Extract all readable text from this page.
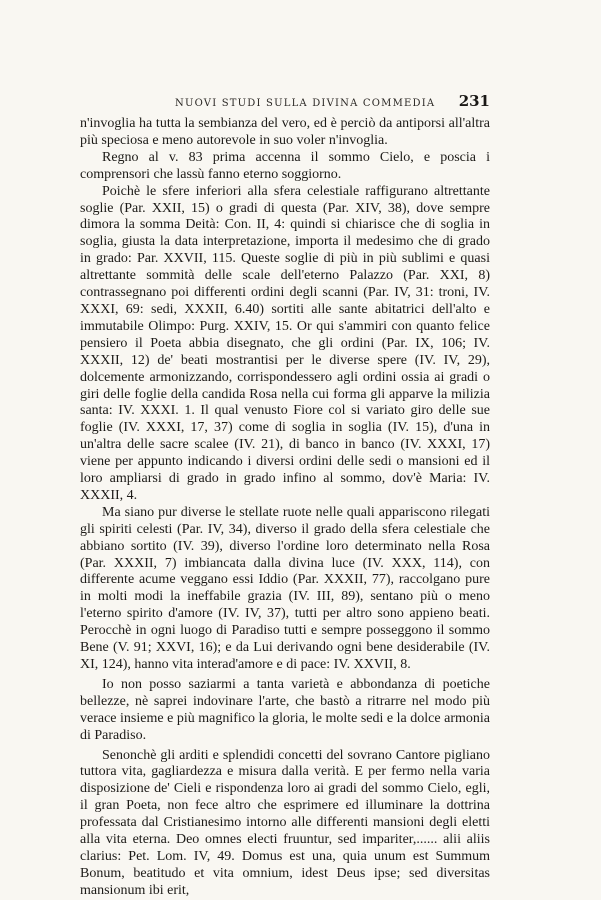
NUOVI STUDI SULLA DIVINA COMMEDIA 231

n'invoglia ha tutta la sembianza del vero, ed è perciò da antiporsi all'altra più speciosa e meno autorevole in suo voler n'invoglia.

Regno al v. 83 prima accenna il sommo Cielo, e poscia i comprensori che lassù fanno eterno soggiorno.

Poichè le sfere inferiori alla sfera celestiale raffigurano altrettante soglie (Par. XXII, 15) o gradi di questa (Par. XIV, 38), dove sempre dimora la somma Deità: Con. II, 4: quindi si chiarisce che di soglia in soglia, giusta la data interpretazione, importa il medesimo che di grado in grado: Par. XXVII, 115. Queste soglie di più in più sublimi e quasi altrettante sommità delle scale dell'eterno Palazzo (Par. XXI, 8) contrassegnano poi differenti ordini degli scanni (Par. IV, 31: troni, IV. XXXI, 69: sedi, XXXII, 6.40) sortiti alle sante abitatrici dell'alto e immutabile Olimpo: Purg. XXIV, 15. Or qui s'ammiri con quanto felice pensiero il Poeta abbia disegnato, che gli ordini (Par. IX, 106; IV. XXXII, 12) de' beati mostrantisi per le diverse spere (IV. IV, 29), dolcemente armonizzando, corrispondessero agli ordini ossia ai gradi o giri delle foglie della candida Rosa nella cui forma gli apparve la milizia santa: IV. XXXI. 1. Il qual venusto Fiore col si variato giro delle sue foglie (IV. XXXI, 17, 37) come di soglia in soglia (IV. 15), d'una in un'altra delle sacre scalee (IV. 21), di banco in banco (IV. XXXI, 17) viene per appunto indicando i diversi ordini delle sedi o mansioni ed il loro ampliarsi di grado in grado infino al sommo, dov'è Maria: IV. XXXII, 4.

Ma siano pur diverse le stellate ruote nelle quali appariscono rilegati gli spiriti celesti (Par. IV, 34), diverso il grado della sfera celestiale che abbiano sortito (IV. 39), diverso l'ordine loro determinato nella Rosa (Par. XXXII, 7) imbiancata dalla divina luce (IV. XXX, 114), con differente acume veggano essi Iddio (Par. XXXII, 77), raccolgano pure in molti modi la ineffabile grazia (IV. III, 89), sentano più o meno l'eterno spirito d'amore (IV. IV, 37), tutti per altro sono appieno beati. Perocchè in ogni luogo di Paradiso tutti e sempre posseggono il sommo Bene (V. 91; XXVI, 16); e da Lui derivando ogni bene desiderabile (IV. XI, 124), hanno vita interad'amore e di pace: IV. XXVII, 8.

Io non posso saziarmi a tanta varietà e abbondanza di poetiche bellezze, nè saprei indovinare l'arte, che bastò a ritrarre nel modo più verace insieme e più magnifico la gloria, le molte sedi e la dolce armonia di Paradiso.

Senonchè gli arditi e splendidi concetti del sovrano Cantore pigliano tuttora vita, gagliardezza e misura dalla verità. E per fermo nella varia disposizione de' Cieli e rispondenza loro ai gradi del sommo Cielo, egli, il gran Poeta, non fece altro che esprimere ed illuminare la dottrina professata dal Cristianesimo intorno alle differenti mansioni degli eletti alla vita eterna. Deo omnes electi fruuntur, sed impariter,...... alii aliis clarius: Pet. Lom. IV, 49. Domus est una, quia unum est Summum Bonum, beatitudo et vita omnium, idest Deus ipse; sed diversitas mansionum ibi erit,
